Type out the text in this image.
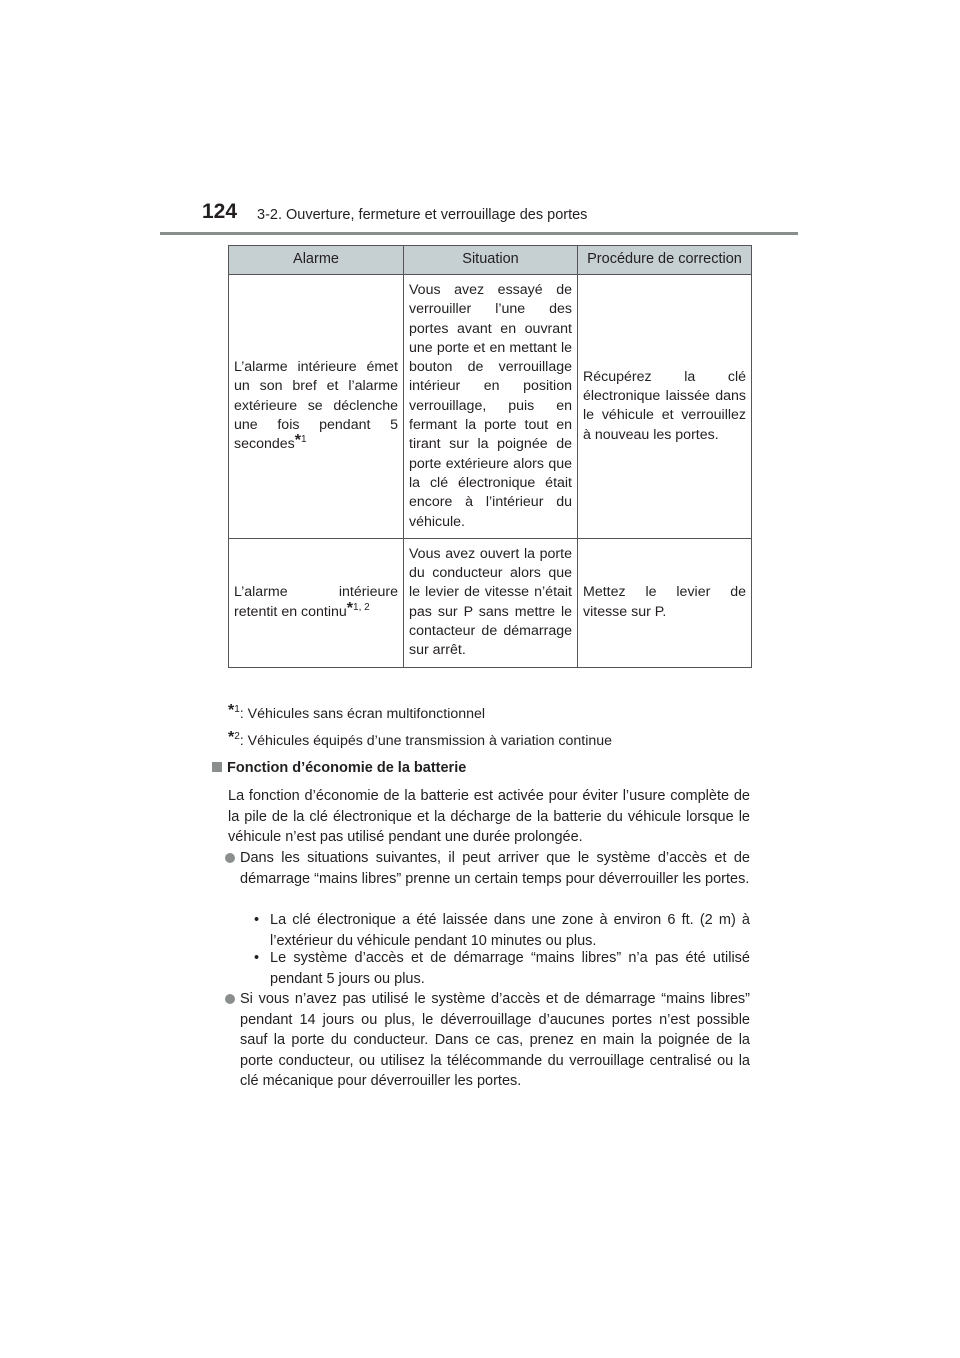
124 3-2. Ouverture, fermeture et verrouillage des portes
Alarme	Situation	Procédure de correction
L’alarme intérieure émet un son bref et l’alarme extérieure se déclenche une fois pendant 5 secondes*$^1$	Vous avez essayé de verrouiller l’une des portes avant en ouvrant une porte et en mettant le bouton de verrouillage intérieur en position verrouillage, puis en fermant la porte tout en tirant sur la poignée de porte extérieure alors que la clé électronique était encore à l’intérieur du véhicule.	Récupérez la clé électronique laissée dans le véhicule et verrouillez à nouveau les portes.
L’alarme intérieure retentit en continu*$^{1, 2}$	Vous avez ouvert la porte du conducteur alors que le levier de vitesse n’était pas sur P sans mettre le contacteur de démarrage sur arrêt.	Mettez le levier de vitesse sur P.
*$^1$: Véhicules sans écran multifonctionnel
*$^2$: Véhicules équipés d’une transmission à variation continue
Fonction d’économie de la batterie
La fonction d’économie de la batterie est activée pour éviter l’usure complète de la pile de la clé électronique et la décharge de la batterie du véhicule lorsque le véhicule n’est pas utilisé pendant une durée prolongée.
Dans les situations suivantes, il peut arriver que le système d’accès et de démarrage “mains libres” prenne un certain temps pour déverrouiller les portes.
• La clé électronique a été laissée dans une zone à environ 6 ft. (2 m) à l’extérieur du véhicule pendant 10 minutes ou plus.
• Le système d’accès et de démarrage “mains libres” n’a pas été utilisé pendant 5 jours ou plus.
Si vous n’avez pas utilisé le système d’accès et de démarrage “mains libres” pendant 14 jours ou plus, le déverrouillage d’aucunes portes n’est possible sauf la porte du conducteur. Dans ce cas, prenez en main la poignée de la porte conducteur, ou utilisez la télécommande du verrouillage centralisé ou la clé mécanique pour déverrouiller les portes.
